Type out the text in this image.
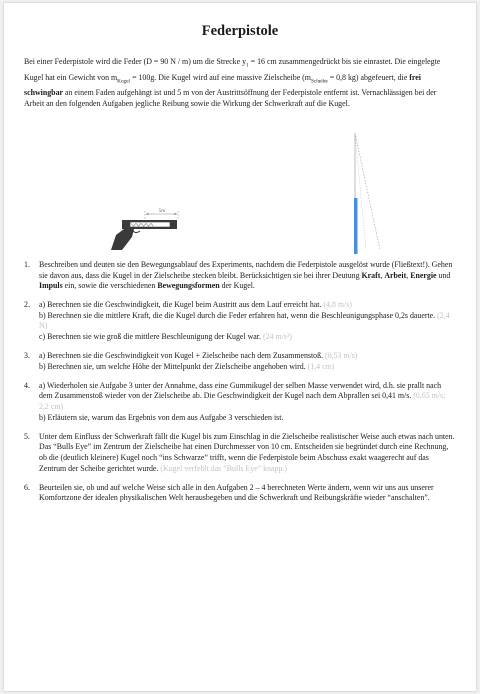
Federpistole
Bei einer Federpistole wird die Feder (D = 90 N / m) um die Strecke $y_1 = 16$ cm zusammengedrückt bis sie einrastet. Die eingelegte Kugel hat ein Gewicht von $m_{Kugel} = 100g$. Die Kugel wird auf eine massive Zielscheibe ($m_{Scheibe} = 0,8$ kg) abgefeuert, die frei schwingbar an einem Faden aufgehängt ist und 5 m von der Austrittsöffnung der Federpistole entfernt ist. Vernachlässigen bei der Arbeit an den folgenden Aufgaben jegliche Reibung sowie die Wirkung der Schwerkraft auf die Kugel.
5m
1. Beschreiben und deuten sie den Bewegungsablauf des Experiments, nachdem die Federpistole ausgelöst wurde (Fließtext!). Gehen sie davon aus, dass die Kugel in der Zielscheibe stecken bleibt. Berücksichtigen sie bei ihrer Deutung Kraft, Arbeit, Energie und Impuls ein, sowie die verschiedenen Bewegungsformen der Kugel.
2. a) Berechnen sie die Geschwindigkeit, die Kugel beim Austritt aus dem Lauf erreicht hat. (4,8 m/s)
b) Berechnen sie die mittlere Kraft, die die Kugel durch die Feder erfahren hat, wenn die Beschleunigungsphase 0,2s dauerte. (2,4 N)
c) Berechnen sie wie groß die mittlere Beschleunigung der Kugel war. (24 m/s²)
3. a) Berechnen sie die Geschwindigkeit von Kugel + Zielscheibe nach dem Zusammenstoß. (0,53 m/s)
b) Berechnen sie, um welche Höhe der Mittelpunkt der Zielscheibe angehoben wird. (1,4 cm)
4. a) Wiederholen sie Aufgabe 3 unter der Annahme, dass eine Gummikugel der selben Masse verwendet wird, d.h. sie prallt nach dem Zusammenstoß wieder von der Zielscheibe ab. Die Geschwindigkeit der Kugel nach dem Abprallen sei 0,41 m/s. (0,65 m/s; 2,2 cm)
b) Erläutern sie, warum das Ergebnis von dem aus Aufgabe 3 verschieden ist.
5. Unter dem Einfluss der Schwerkraft fällt die Kugel bis zum Einschlag in die Zielscheibe realistischer Weise auch etwas nach unten. Das “Bulls Eye” im Zentrum der Zielscheibe hat einen Durchmesser von 10 cm. Entscheiden sie begründet durch eine Rechnung, ob die (deutlich kleinere) Kugel noch “ins Schwarze” trifft, wenn die Federpistole beim Abschuss exakt waagerecht auf das Zentrum der Scheibe gerichtet wurde. (Kugel verfehlt das “Bulls Eye” knapp.)
6. Beurteilen sie, ob und auf welche Weise sich alle in den Aufgaben 2 – 4 berechneten Werte ändern, wenn wir uns aus unserer Komfortzone der idealen physikalischen Welt herausbegeben und die Schwerkraft und Reibungskräfte wieder “anschalten”.
